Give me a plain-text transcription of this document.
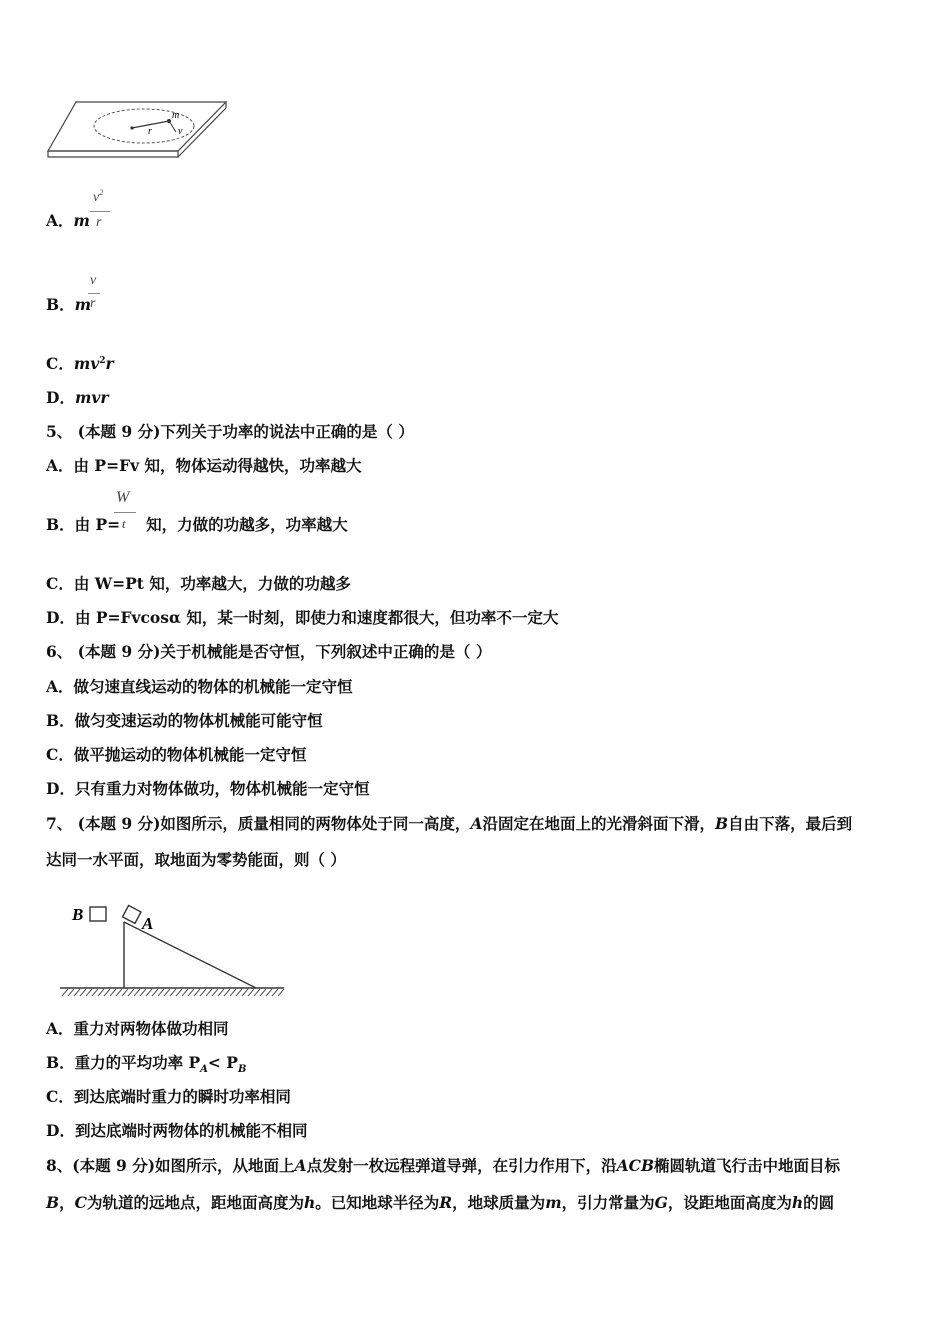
m
r	v
A．m
$v^2$
r
B．m
v
r
C．$mv^2r$
D．mvr
5、 (本题 9 分)下列关于功率的说法中正确的是（ ）
A．由 P=Fv 知，物体运动得越快，功率越大
B．由 P= 知，力做的功越多，功率越大
W
t
C．由 W=Pt 知，功率越大，力做的功越多
D．由 P=Fvcosα 知，某一时刻，即使力和速度都很大，但功率不一定大
6、 (本题 9 分)关于机械能是否守恒，下列叙述中正确的是（ ）
A．做匀速直线运动的物体的机械能一定守恒
B．做匀变速运动的物体机械能可能守恒
C．做平抛运动的物体机械能一定守恒
D．只有重力对物体做功，物体机械能一定守恒
7、 (本题 9 分)如图所示，质量相同的两物体处于同一高度，A沿固定在地面上的光滑斜面下滑，B自由下落，最后到
达同一水平面，取地面为零势能面，则（ ）
B	A
A．重力对两物体做功相同
B．重力的平均功率 $P_A< P_B$
C．到达底端时重力的瞬时功率相同
D．到达底端时两物体的机械能不相同
8、(本题 9 分)如图所示，从地面上A点发射一枚远程弹道导弹，在引力作用下，沿ACB椭圆轨道飞行击中地面目标
B，C为轨道的远地点，距地面高度为h。已知地球半径为R，地球质量为m，引力常量为G，设距地面高度为h的圆
